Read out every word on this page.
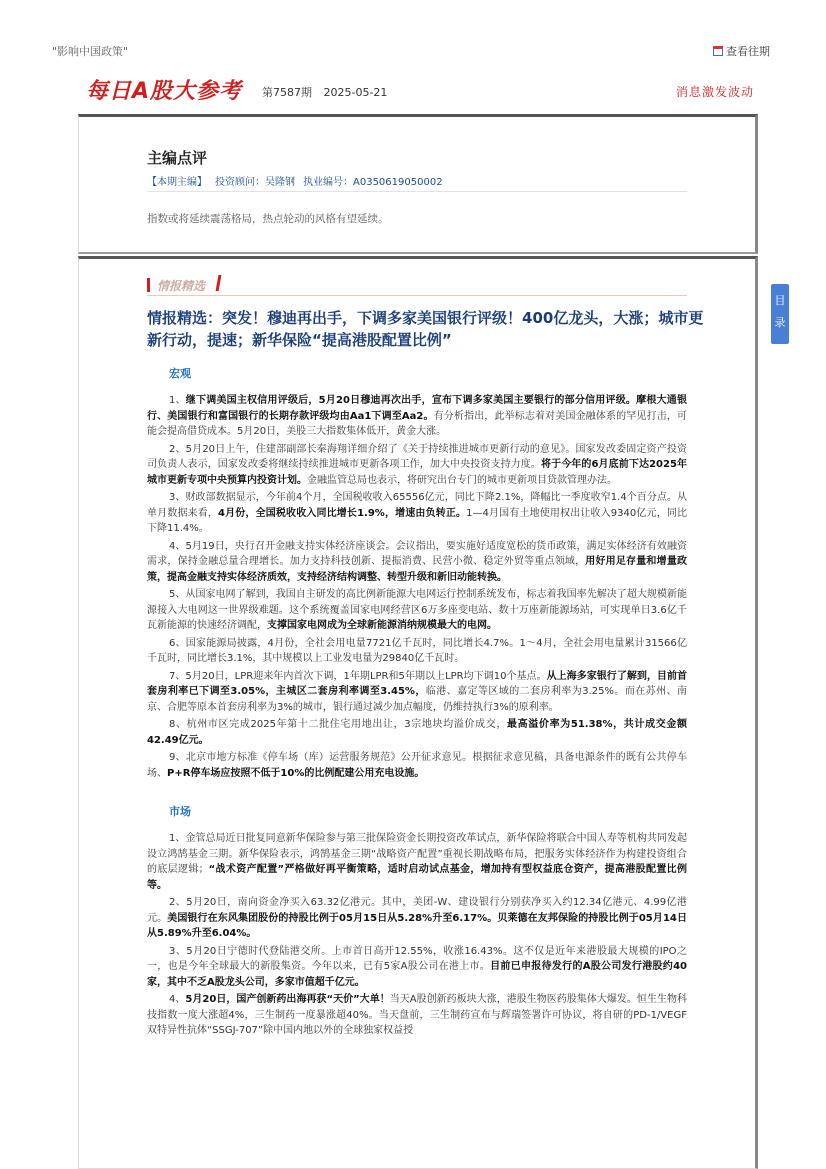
"影响中国政策"	查看往期
每日A股大参考 第7587期 2025-05-21	消息激发波动
主编点评
【本期主编】 投资顾问：吴隆钢 执业编号：A0350619050002
指数或将延续震荡格局，热点轮动的风格有望延续。
情报精选
情报精选：突发！穆迪再出手，下调多家美国银行评级！400亿龙头，大涨；城市更新行动，提速；新华保险“提高港股配置比例”
宏观
1、继下调美国主权信用评级后，5月20日穆迪再次出手，宣布下调多家美国主要银行的部分信用评级。摩根大通银行、美国银行和富国银行的长期存款评级均由Aa1下调至Aa2。有分析指出，此举标志着对美国金融体系的罕见打击，可能会提高借贷成本。5月20日，美股三大指数集体低开，黄金大涨。
2、5月20日上午，住建部副部长秦海翔详细介绍了《关于持续推进城市更新行动的意见》。国家发改委固定资产投资司负责人表示，国家发改委将继续持续推进城市更新各项工作，加大中央投资支持力度。将于今年的6月底前下达2025年城市更新专项中央预算内投资计划。金融监管总局也表示，将研究出台专门的城市更新项目贷款管理办法。
3、财政部数据显示，今年前4个月，全国税收收入65556亿元，同比下降2.1%，降幅比一季度收窄1.4个百分点。从单月数据来看，4月份，全国税收收入同比增长1.9%，增速由负转正。1—4月国有土地使用权出让收入9340亿元，同比下降11.4%。
4、5月19日，央行召开金融支持实体经济座谈会。会议指出，要实施好适度宽松的货币政策，满足实体经济有效融资需求，保持金融总量合理增长。加力支持科技创新、提振消费、民营小微、稳定外贸等重点领域，用好用足存量和增量政策，提高金融支持实体经济质效，支持经济结构调整、转型升级和新旧动能转换。
5、从国家电网了解到，我国自主研发的高比例新能源大电网运行控制系统发布，标志着我国率先解决了超大规模新能源接入大电网这一世界级难题。这个系统覆盖国家电网经营区6万多座变电站、数十万座新能源场站，可实现单日3.6亿千瓦新能源的快速经济调配，支撑国家电网成为全球新能源消纳规模最大的电网。
6、国家能源局披露，4月份，全社会用电量7721亿千瓦时，同比增长4.7%。1～4月，全社会用电量累计31566亿千瓦时，同比增长3.1%，其中规模以上工业发电量为29840亿千瓦时。
7、5月20日，LPR迎来年内首次下调，1年期LPR和5年期以上LPR均下调10个基点。从上海多家银行了解到，目前首套房利率已下调至3.05%，主城区二套房利率调至3.45%，临港、嘉定等区域的二套房利率为3.25%。而在苏州、南京、合肥等原本首套房利率为3%的城市，银行通过减少加点幅度，仍维持执行3%的原利率。
8、杭州市区完成2025年第十二批住宅用地出让，3宗地块均溢价成交，最高溢价率为51.38%，共计成交金额42.49亿元。
9、北京市地方标准《停车场（库）运营服务规范》公开征求意见。根据征求意见稿，具备电源条件的既有公共停车场、P+R停车场应按照不低于10%的比例配建公用充电设施。
市场
1、金管总局近日批复同意新华保险参与第三批保险资金长期投资改革试点，新华保险将联合中国人寿等机构共同发起设立鸿鹄基金三期。新华保险表示，鸿鹄基金三期“战略资产配置”重视长期战略布局，把服务实体经济作为构建投资组合的底层逻辑；“战术资产配置”严格做好再平衡策略，适时启动试点基金，增加持有型权益底仓资产，提高港股配置比例等。
2、5月20日，南向资金净买入63.32亿港元。其中，美团-W、建设银行分别获净买入约12.34亿港元、4.99亿港元。美国银行在东风集团股份的持股比例于05月15日从5.28%升至6.17%。贝莱德在友邦保险的持股比例于05月14日从5.89%升至6.04%。
3、5月20日宁德时代登陆港交所。上市首日高开12.55%，收涨16.43%。这不仅是近年来港股最大规模的IPO之一，也是今年全球最大的新股集资。今年以来，已有5家A股公司在港上市。目前已申报待发行的A股公司发行港股约40家，其中不乏A股龙头公司，多家市值超千亿元。
4、5月20日，国产创新药出海再获“天价”大单！当天A股创新药板块大涨，港股生物医药股集体大爆发。恒生生物科技指数一度大涨超4%，三生制药一度暴涨超40%。当天盘前，三生制药宣布与辉瑞签署许可协议，将自研的PD-1/VEGF双特异性抗体“SSGJ-707”除中国内地以外的全球独家权益授
目录
